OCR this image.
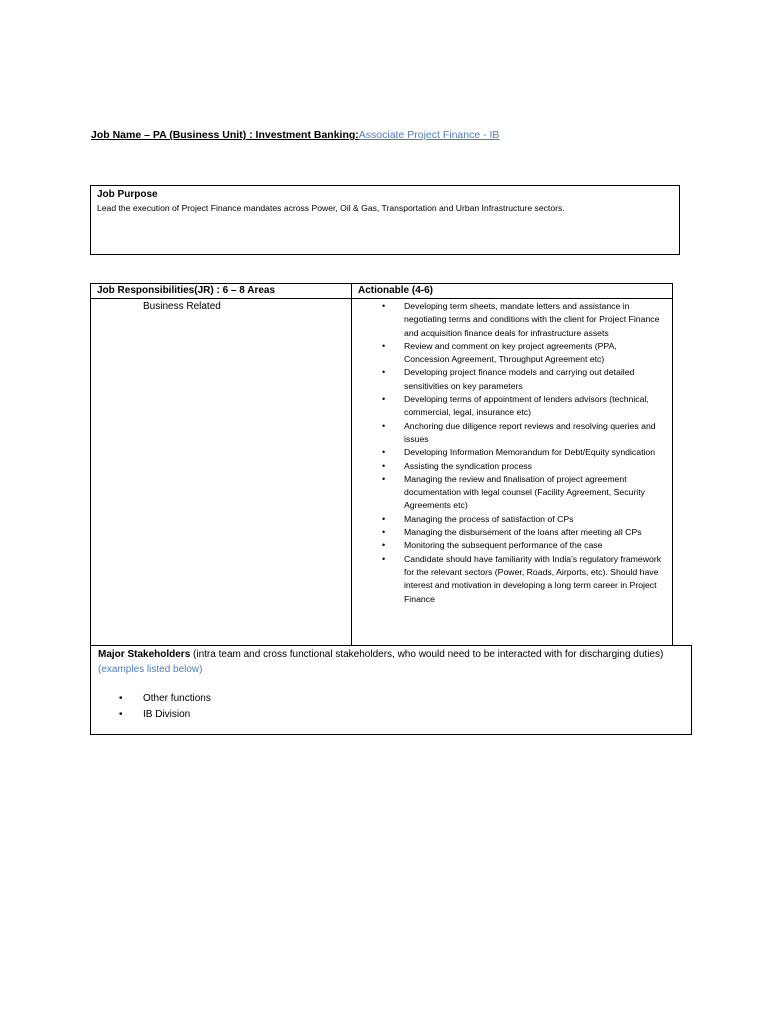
Job Name – PA (Business Unit) : Investment Banking:Associate Project Finance - IB
Job Purpose
Lead the execution of Project Finance mandates across Power, Oil & Gas, Transportation and Urban Infrastructure sectors.
Job Responsibilities(JR) : 6 – 8 Areas	Actionable (4-6)
Business Related	• Developing term sheets, mandate letters and assistance in negotiating terms and conditions with the client for Project Finance and acquisition finance deals for infrastructure assets
• Review and comment on key project agreements (PPA, Concession Agreement, Throughput Agreement etc)
• Developing project finance models and carrying out detailed sensitivities on key parameters
• Developing terms of appointment of lenders advisors (technical, commercial, legal, insurance etc)
• Anchoring due diligence report reviews and resolving queries and issues
• Developing Information Memorandum for Debt/Equity syndication
• Assisting the syndication process
• Managing the review and finalisation of project agreement documentation with legal counsel (Facility Agreement, Security Agreements etc)
• Managing the process of satisfaction of CPs
• Managing the disbursement of the loans after meeting all CPs
• Monitoring the subsequent performance of the case
• Candidate should have familiarity with India's regulatory framework for the relevant sectors (Power, Roads, Airports, etc). Should have interest and motivation in developing a long term career in Project Finance
Major Stakeholders (intra team and cross functional stakeholders, who would need to be interacted with for discharging duties) (examples listed below)
• Other functions
• IB Division
